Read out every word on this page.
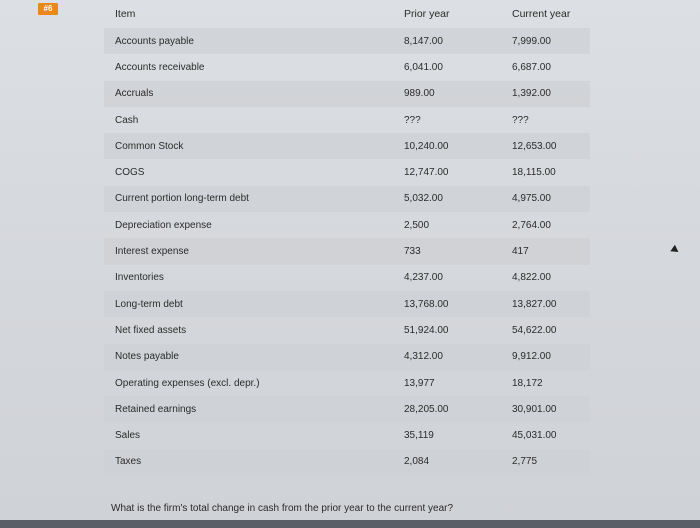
#6	Item	Prior year	Current year
Accounts payable	8,147.00	7,999.00
Accounts receivable	6,041.00	6,687.00
Accruals	989.00	1,392.00
Cash	???	???
Common Stock	10,240.00	12,653.00
COGS	12,747.00	18,115.00
Current portion long-term debt	5,032.00	4,975.00
Depreciation expense	2,500	2,764.00
Interest expense	733	417
Inventories	4,237.00	4,822.00
Long-term debt	13,768.00	13,827.00
Net fixed assets	51,924.00	54,622.00
Notes payable	4,312.00	9,912.00
Operating expenses (excl. depr.)	13,977	18,172
Retained earnings	28,205.00	30,901.00
Sales	35,119	45,031.00
Taxes	2,084	2,775
What is the firm's total change in cash from the prior year to the current year?
